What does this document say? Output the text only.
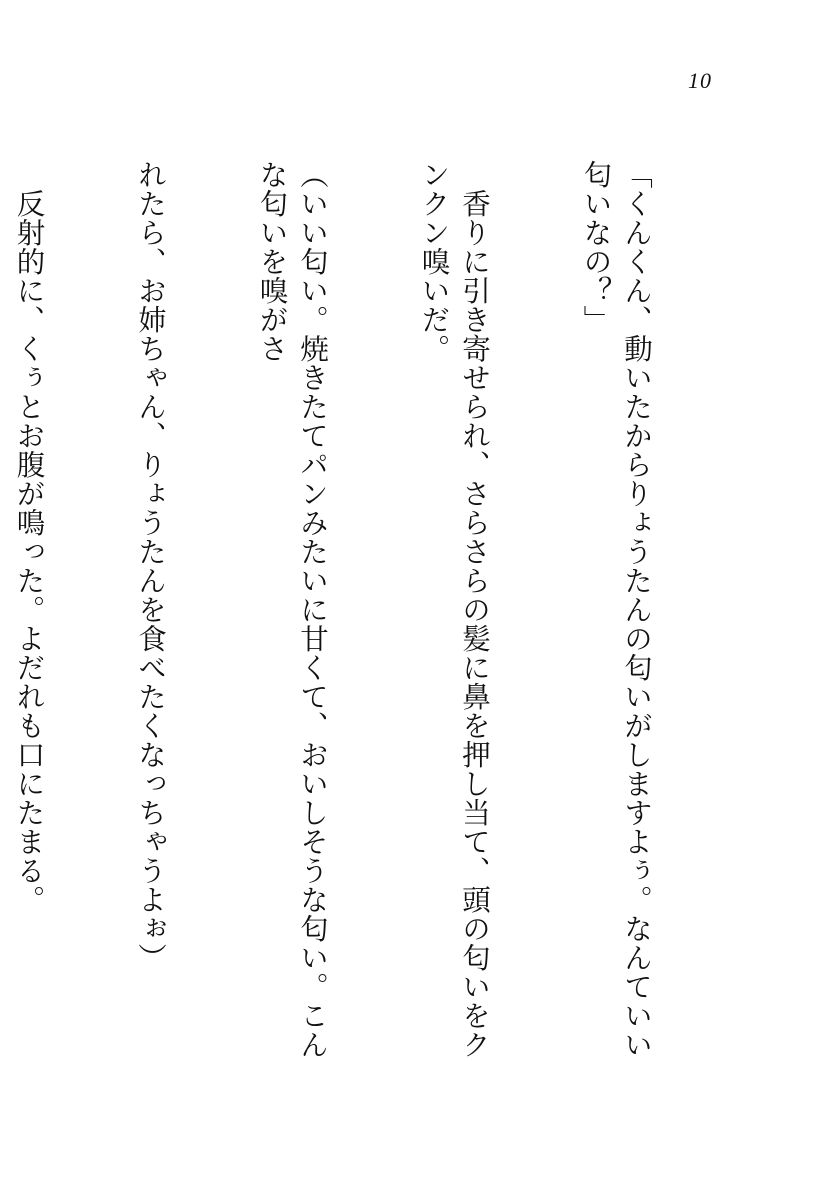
10

「くんくん、動いたからりょうたんの匂いがしますよぅ。なんていい匂いなの？」

　香りに引き寄せられ、さらさらの髪に鼻を押し当て、頭の匂いをクンクン嗅いだ。

（いい匂い。焼きたてパンみたいに甘くて、おいしそうな匂い。こんな匂いを嗅がさ

れたら、お姉ちゃん、りょうたんを食べたくなっちゃうよぉ）

　反射的に、くぅとお腹が鳴った。よだれも口にたまる。
